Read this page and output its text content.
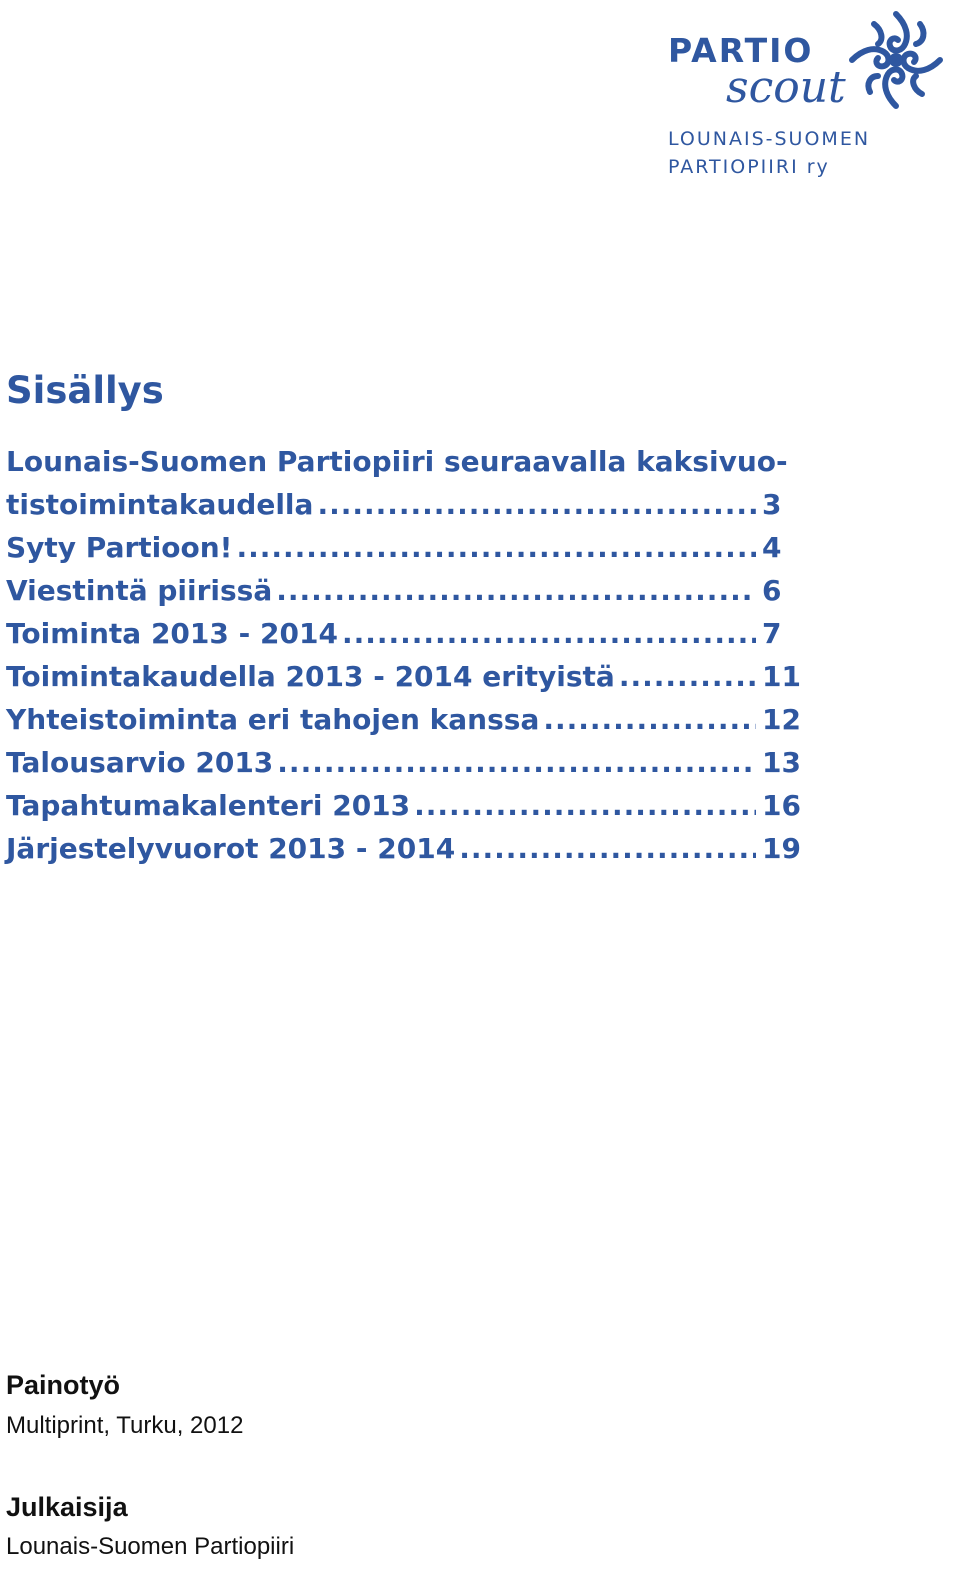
PARTIO
scout
LOUNAIS-SUOMEN
PARTIOPIIRI ry
Sisällys
Lounais-Suomen Partiopiiri seuraavalla kaksivuo-
tistoimintakaudella .....	3
Syty Partioon! .....	4
Viestintä piirissä .....	6
Toiminta 2013 - 2014 .....	7
Toimintakaudella 2013 - 2014 erityistä .....	11
Yhteistoiminta eri tahojen kanssa .....	12
Talousarvio 2013 .....	13
Tapahtumakalenteri 2013 .....	16
Järjestelyvuorot 2013 - 2014 .....	19
Painotyö

Multiprint, Turku, 2012

Julkaisija

Lounais-Suomen Partiopiiri
